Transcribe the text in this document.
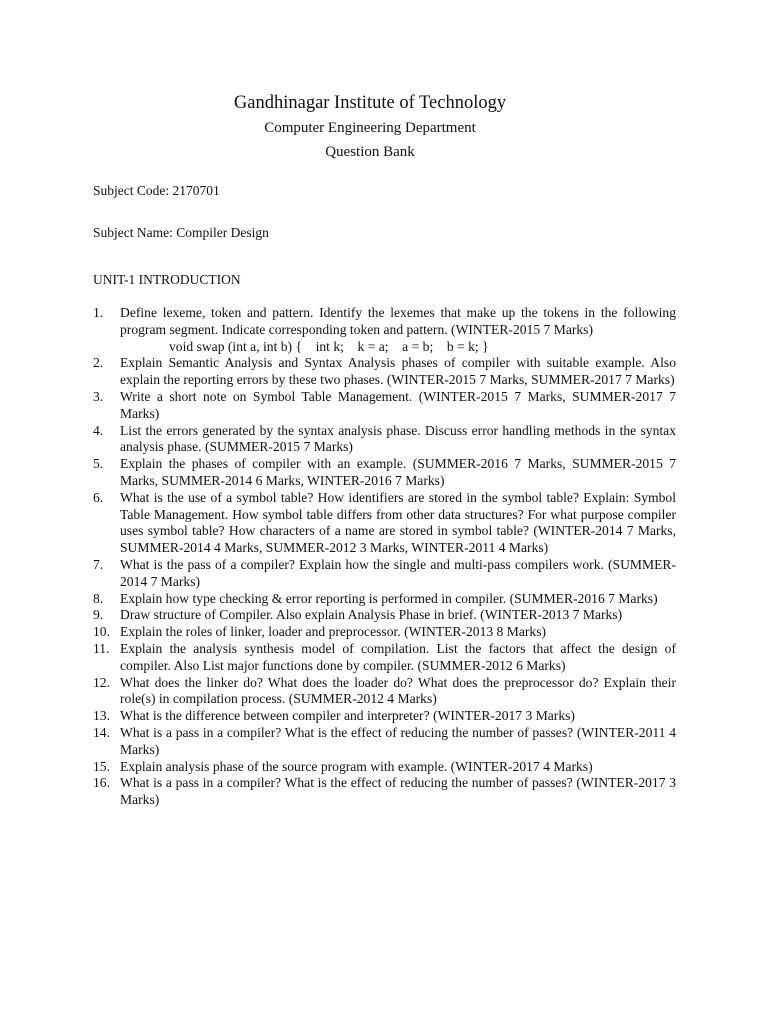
Gandhinagar Institute of Technology
Computer Engineering Department
Question Bank
Subject Code: 2170701
Subject Name: Compiler Design
UNIT-1 INTRODUCTION
1.	Define lexeme, token and pattern. Identify the lexemes that make up the tokens in the following program segment. Indicate corresponding token and pattern. (WINTER-2015 7 Marks)
void swap (int a, int b) {    int k;    k = a;    a = b;    b = k; }
2.	Explain Semantic Analysis and Syntax Analysis phases of compiler with suitable example. Also explain the reporting errors by these two phases. (WINTER-2015 7 Marks, SUMMER-2017 7 Marks)
3.	Write a short note on Symbol Table Management. (WINTER-2015 7 Marks, SUMMER-2017 7 Marks)
4.	List the errors generated by the syntax analysis phase. Discuss error handling methods in the syntax analysis phase. (SUMMER-2015 7 Marks)
5.	Explain the phases of compiler with an example. (SUMMER-2016 7 Marks, SUMMER-2015 7 Marks, SUMMER-2014 6 Marks, WINTER-2016 7 Marks)
6.	What is the use of a symbol table? How identifiers are stored in the symbol table? Explain: Symbol Table Management. How symbol table differs from other data structures? For what purpose compiler uses symbol table? How characters of a name are stored in symbol table? (WINTER-2014 7 Marks, SUMMER-2014 4 Marks, SUMMER-2012 3 Marks, WINTER-2011 4 Marks)
7.	What is the pass of a compiler? Explain how the single and multi-pass compilers work. (SUMMER-2014 7 Marks)
8.	Explain how type checking & error reporting is performed in compiler. (SUMMER-2016 7 Marks)
9.	Draw structure of Compiler. Also explain Analysis Phase in brief. (WINTER-2013 7 Marks)
10. Explain the roles of linker, loader and preprocessor. (WINTER-2013 8 Marks)
11. Explain the analysis synthesis model of compilation. List the factors that affect the design of compiler. Also List major functions done by compiler. (SUMMER-2012 6 Marks)
12. What does the linker do? What does the loader do? What does the preprocessor do? Explain their role(s) in compilation process. (SUMMER-2012 4 Marks)
13. What is the difference between compiler and interpreter? (WINTER-2017 3 Marks)
14. What is a pass in a compiler? What is the effect of reducing the number of passes? (WINTER-2011 4 Marks)
15. Explain analysis phase of the source program with example. (WINTER-2017 4 Marks)
16. What is a pass in a compiler? What is the effect of reducing the number of passes? (WINTER-2017 3 Marks)
